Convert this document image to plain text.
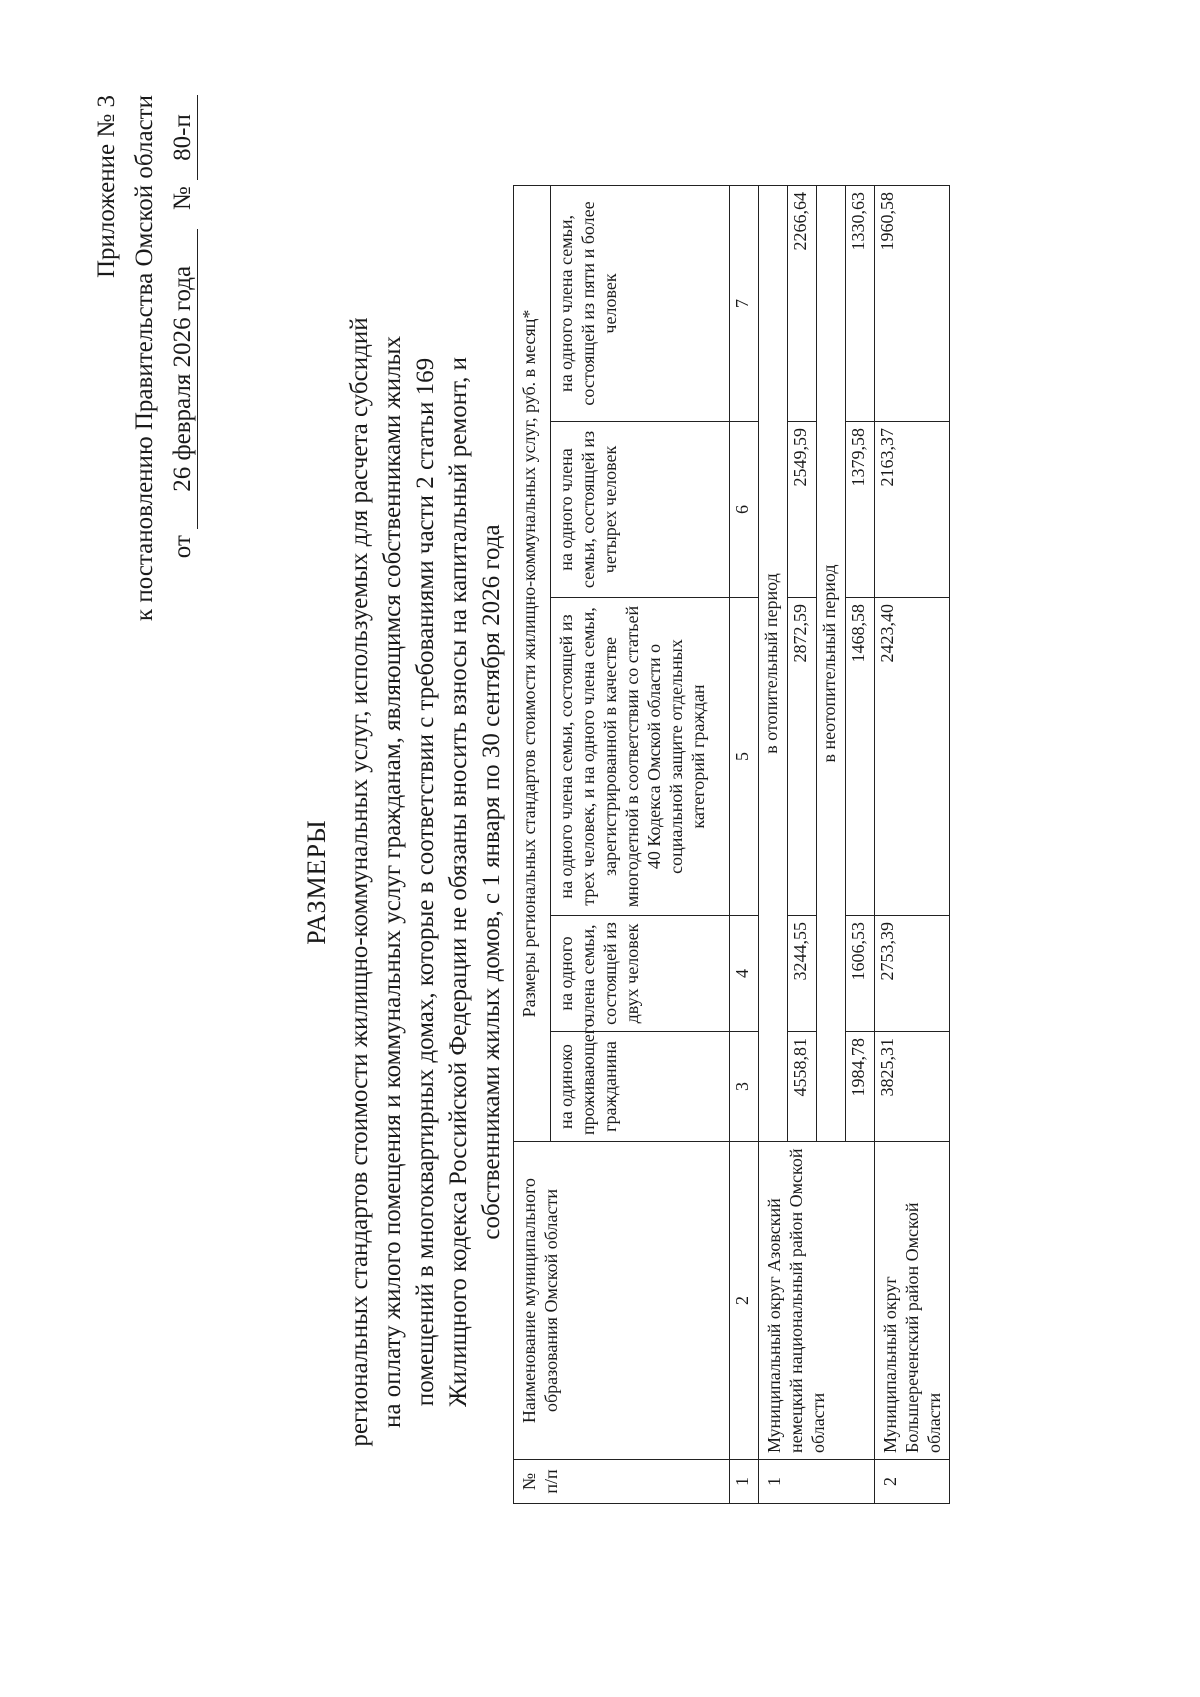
Приложение № 3 к постановлению Правительства Омской области от 26 февраля 2026 года   № 80-п
РАЗМЕРЫ региональных стандартов стоимости жилищно-коммунальных услуг, используемых для расчета субсидий на оплату жилого помещения и коммунальных услуг гражданам, являющимся собственниками жилых помещений в многоквартирных домах, которые в соответствии с требованиями части 2 статьи 169 Жилищного кодекса Российской Федерации не обязаны вносить взносы на капитальный ремонт, и собственниками жилых домов, с 1 января по 30 сентября 2026 года
№ п/п	Наименование муниципального образования Омской области	Размеры региональных стандартов стоимости жилищно-коммунальных услуг, руб. в месяц*				
		на одиноко проживающего гражданина	на одного члена семьи, состоящей из двух человек	на одного члена семьи, состоящей из трех человек, и на одного члена семьи, зарегистрированной в качестве многодетной в соответствии со статьей 40 Кодекса Омской области о социальной защите отдельных категорий граждан	на одного члена семьи, состоящей из четырех человек	на одного члена семьи, состоящей из пяти и более человек
1	2	3	4	5	6	7
1	Муниципальный округ Азовский немецкий национальный район Омской области	в отопительный период				
		4558,81	3244,55	2872,59	2549,59	2266,64
		в неотопительный период				
		1984,78	1606,53	1468,58	1379,58	1330,63
2	Муниципальный округ Большереченский район Омской области	3825,31	2753,39	2423,40	2163,37	1960,58
